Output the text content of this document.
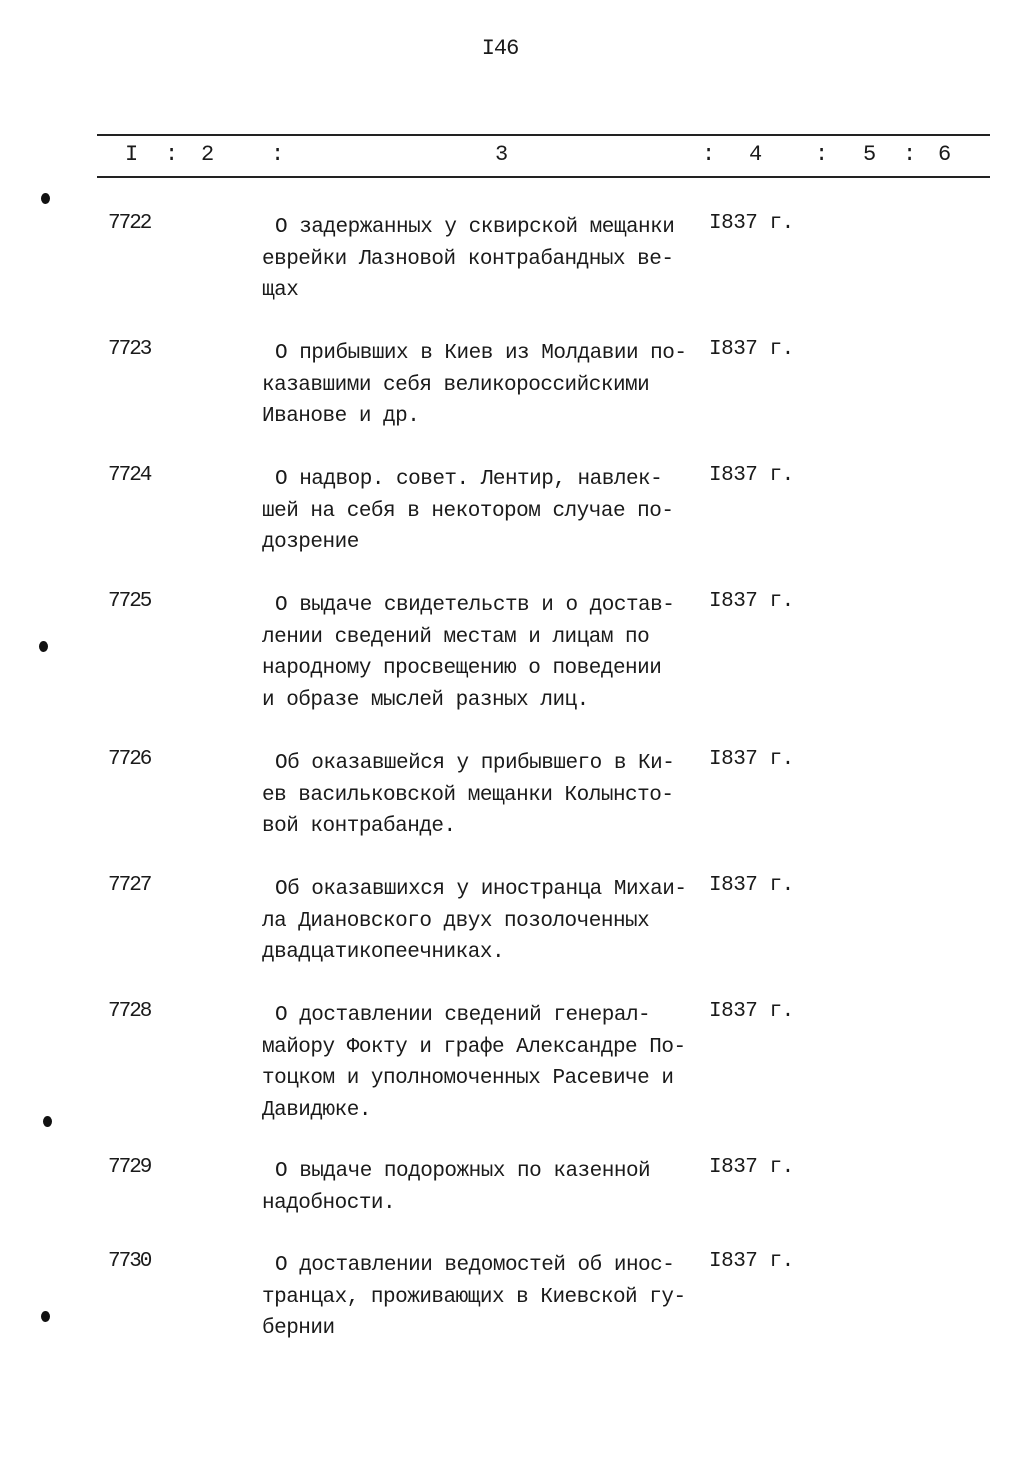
I46
I : 2	:	3	: 4 : 5 : 6
7722	О задержанных у сквирской мещанки
еврейки Лазновой контрабандных ве-
щах
I837 г.
7723	О прибывших в Киев из Молдавии по-
казавшими себя великороссийскими
Иванове и др.
I837 г.
7724	О надвор. совет. Лентир, навлек-
шей на себя в некотором случае по-
дозрение
I837 г.
7725	О выдаче свидетельств и о достав-
лении сведений местам и лицам по
народному просвещению о поведении
и образе мыслей разных лиц.
I837 г.
7726	Об оказавшейся у прибывшего в Ки-
ев васильковской мещанки Колынсто-
вой контрабанде.
I837 г.
7727	Об оказавшихся у иностранца Михаи-
ла Диановского двух позолоченных
двадцатикопеечниках.
I837 г.
7728	О доставлении сведений генерал-
майору Фокту и графе Александре По-
тоцком и уполномоченных Расевиче и
Давидюке.
I837 г.
7729	О выдаче подорожных по казенной
надобности.
I837 г.
7730	О доставлении ведомостей об инос-
транцах, проживающих в Киевской гу-
бернии
I837 г.
